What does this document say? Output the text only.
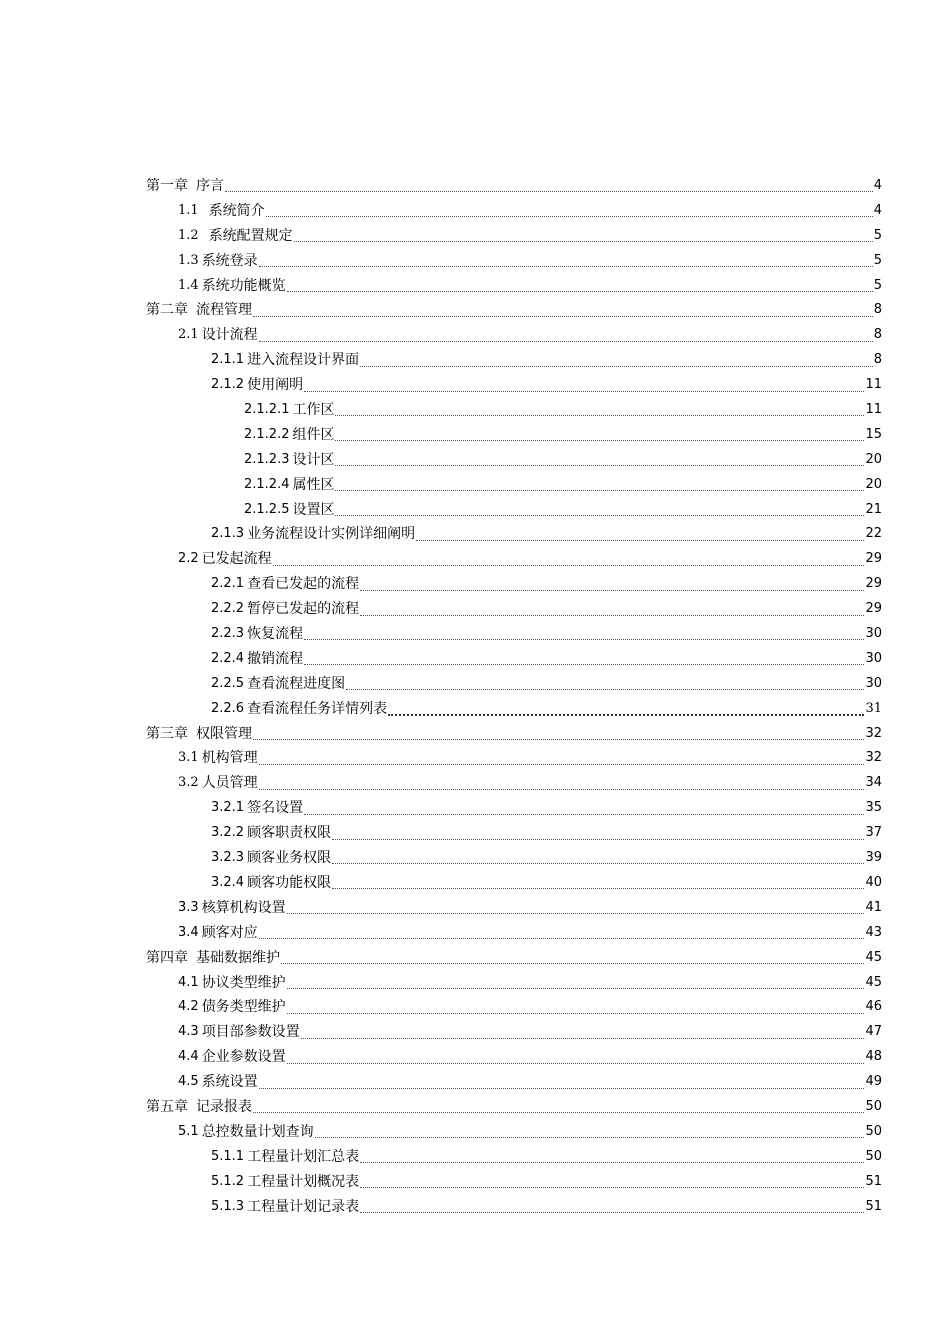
第一章 序言	4
1.1 系统简介	4
1.2 系统配置规定	5
1.3 系统登录	5
1.4 系统功能概览	5
第二章 流程管理	8
2.1 设计流程	8
2.1.1 进入流程设计界面	8
2.1.2 使用阐明	11
2.1.2.1 工作区	11
2.1.2.2 组件区	15
2.1.2.3 设计区	20
2.1.2.4 属性区	20
2.1.2.5 设置区	21
2.1.3 业务流程设计实例详细阐明	22
2.2 已发起流程	29
2.2.1 查看已发起的流程	29
2.2.2 暂停已发起的流程	29
2.2.3 恢复流程	30
2.2.4 撤销流程	30
2.2.5 查看流程进度图	30
2.2.6 查看流程任务详情列表	31
第三章 权限管理	32
3.1 机构管理	32
3.2 人员管理	34
3.2.1 签名设置	35
3.2.2 顾客职责权限	37
3.2.3 顾客业务权限	39
3.2.4 顾客功能权限	40
3.3 核算机构设置	41
3.4 顾客对应	43
第四章 基础数据维护	45
4.1 协议类型维护	45
4.2 债务类型维护	46
4.3 项目部参数设置	47
4.4 企业参数设置	48
4.5 系统设置	49
第五章 记录报表	50
5.1 总控数量计划查询	50
5.1.1 工程量计划汇总表	50
5.1.2 工程量计划概况表	51
5.1.3 工程量计划记录表	51
